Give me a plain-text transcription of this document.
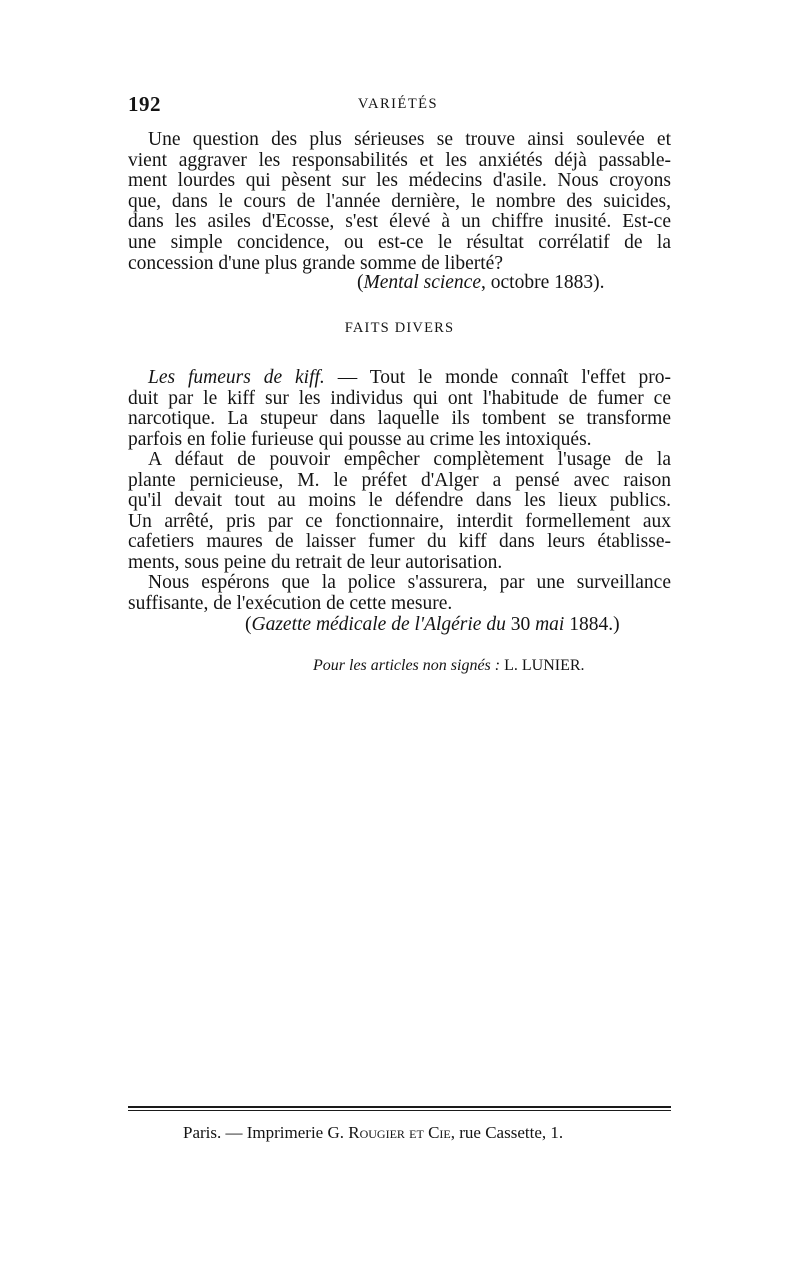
192	VARIÉTÉS
Une question des plus sérieuses se trouve ainsi soulevée et
vient aggraver les responsabilités et les anxiétés déjà passable-
ment lourdes qui pèsent sur les médecins d'asile. Nous croyons
que, dans le cours de l'année dernière, le nombre des suicides,
dans les asiles d'Ecosse, s'est élevé à un chiffre inusité. Est-ce
une simple concidence, ou est-ce le résultat corrélatif de la
concession d'une plus grande somme de liberté?
(Mental science, octobre 1883).
FAITS DIVERS
Les fumeurs de kiff. — Tout le monde connaît l'effet pro-
duit par le kiff sur les individus qui ont l'habitude de fumer ce
narcotique. La stupeur dans laquelle ils tombent se transforme
parfois en folie furieuse qui pousse au crime les intoxiqués.
A défaut de pouvoir empêcher complètement l'usage de la
plante pernicieuse, M. le préfet d'Alger a pensé avec raison
qu'il devait tout au moins le défendre dans les lieux publics.
Un arrêté, pris par ce fonctionnaire, interdit formellement aux
cafetiers maures de laisser fumer du kiff dans leurs établisse-
ments, sous peine du retrait de leur autorisation.
Nous espérons que la police s'assurera, par une surveillance
suffisante, de l'exécution de cette mesure.
(Gazette médicale de l'Algérie du 30 mai 1884.)
Pour les articles non signés : L. LUNIER.
Paris. — Imprimerie G. Rougier et Cie, rue Cassette, 1.
